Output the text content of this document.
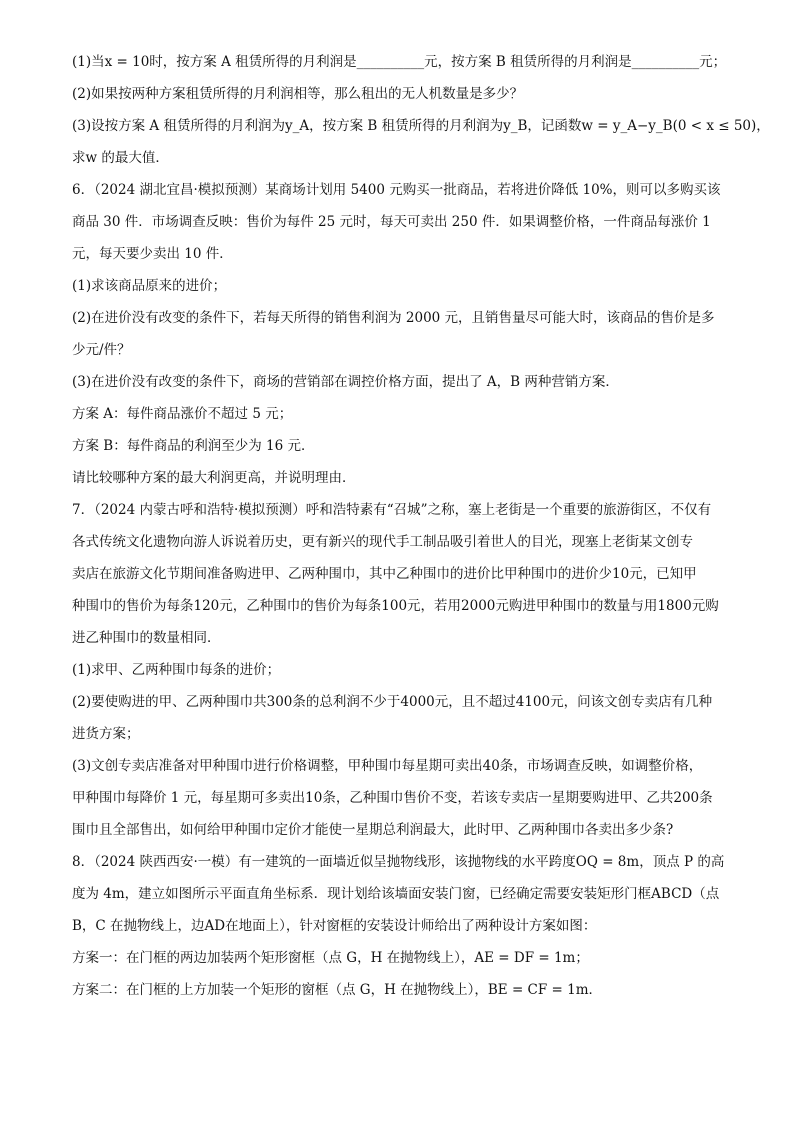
(1)当x = 10时，按方案 A 租赁所得的月利润是__________元，按方案 B 租赁所得的月利润是__________元；
(2)如果按两种方案租赁所得的月利润相等，那么租出的无人机数量是多少？
(3)设按方案 A 租赁所得的月利润为y_A，按方案 B 租赁所得的月利润为y_B，记函数w = y_A−y_B(0 < x ≤ 50)，
求w 的最大值．
6．（2024 湖北宜昌·模拟预测）某商场计划用 5400 元购买一批商品，若将进价降低 10%，则可以多购买该
商品 30 件．市场调查反映：售价为每件 25 元时，每天可卖出 250 件．如果调整价格，一件商品每涨价 1
元，每天要少卖出 10 件．
(1)求该商品原来的进价；
(2)在进价没有改变的条件下，若每天所得的销售利润为 2000 元，且销售量尽可能大时，该商品的售价是多
少元/件？
(3)在进价没有改变的条件下，商场的营销部在调控价格方面，提出了 A，B 两种营销方案．
方案 A：每件商品涨价不超过 5 元；
方案 B：每件商品的利润至少为 16 元．
请比较哪种方案的最大利润更高，并说明理由．
7．（2024 内蒙古呼和浩特·模拟预测）呼和浩特素有“召城”之称，塞上老街是一个重要的旅游街区，不仅有
各式传统文化遗物向游人诉说着历史，更有新兴的现代手工制品吸引着世人的目光，现塞上老街某文创专
卖店在旅游文化节期间准备购进甲、乙两种围巾，其中乙种围巾的进价比甲种围巾的进价少10元，已知甲
种围巾的售价为每条120元，乙种围巾的售价为每条100元，若用2000元购进甲种围巾的数量与用1800元购
进乙种围巾的数量相同．
(1)求甲、乙两种围巾每条的进价；
(2)要使购进的甲、乙两种围巾共300条的总利润不少于4000元，且不超过4100元，问该文创专卖店有几种
进货方案；
(3)文创专卖店准备对甲种围巾进行价格调整，甲种围巾每星期可卖出40条，市场调查反映，如调整价格，
甲种围巾每降价 1 元，每星期可多卖出10条，乙种围巾售价不变，若该专卖店一星期要购进甲、乙共200条
围巾且全部售出，如何给甲种围巾定价才能使一星期总利润最大，此时甲、乙两种围巾各卖出多少条?
8．（2024 陕西西安·一模）有一建筑的一面墙近似呈抛物线形，该抛物线的水平跨度OQ = 8m，顶点 P 的高
度为 4m，建立如图所示平面直角坐标系．现计划给该墙面安装门窗，已经确定需要安装矩形门框ABCD（点
B，C 在抛物线上，边AD在地面上），针对窗框的安装设计师给出了两种设计方案如图：
方案一：在门框的两边加装两个矩形窗框（点 G，H 在抛物线上），AE = DF = 1m；
方案二：在门框的上方加装一个矩形的窗框（点 G，H 在抛物线上），BE = CF = 1m．
